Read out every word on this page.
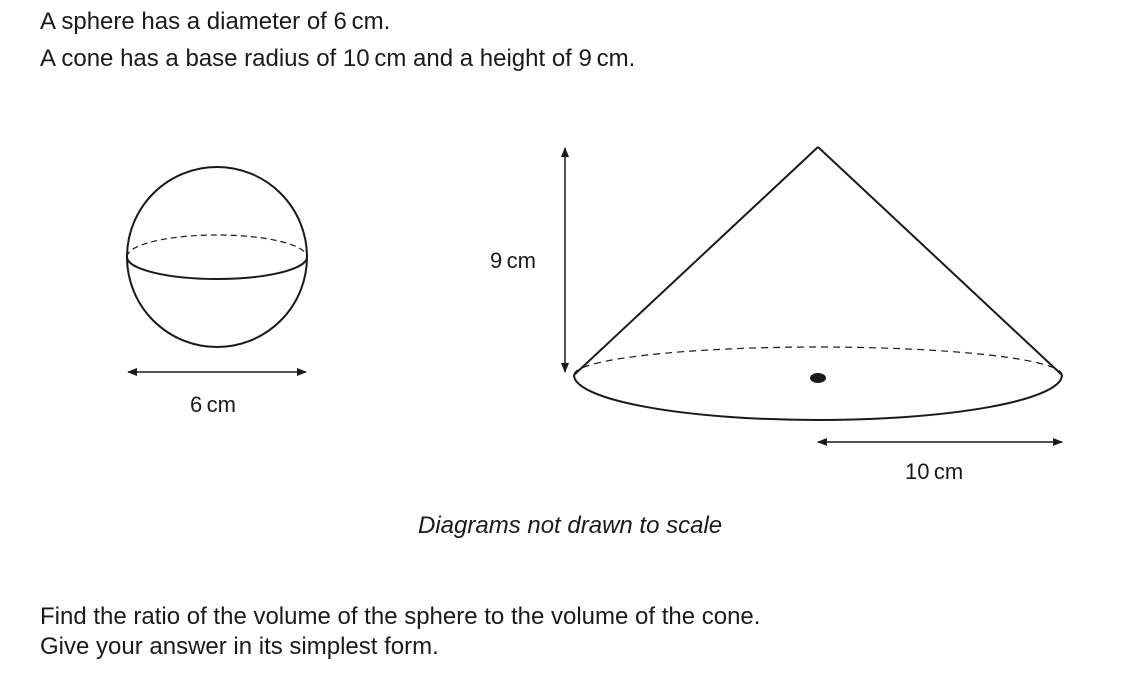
A sphere has a diameter of 6 cm.

A cone has a base radius of 10 cm and a height of 9 cm.

6 cm
9 cm
10 cm
Diagrams not drawn to scale

Find the ratio of the volume of the sphere to the volume of the cone.

Give your answer in its simplest form.
